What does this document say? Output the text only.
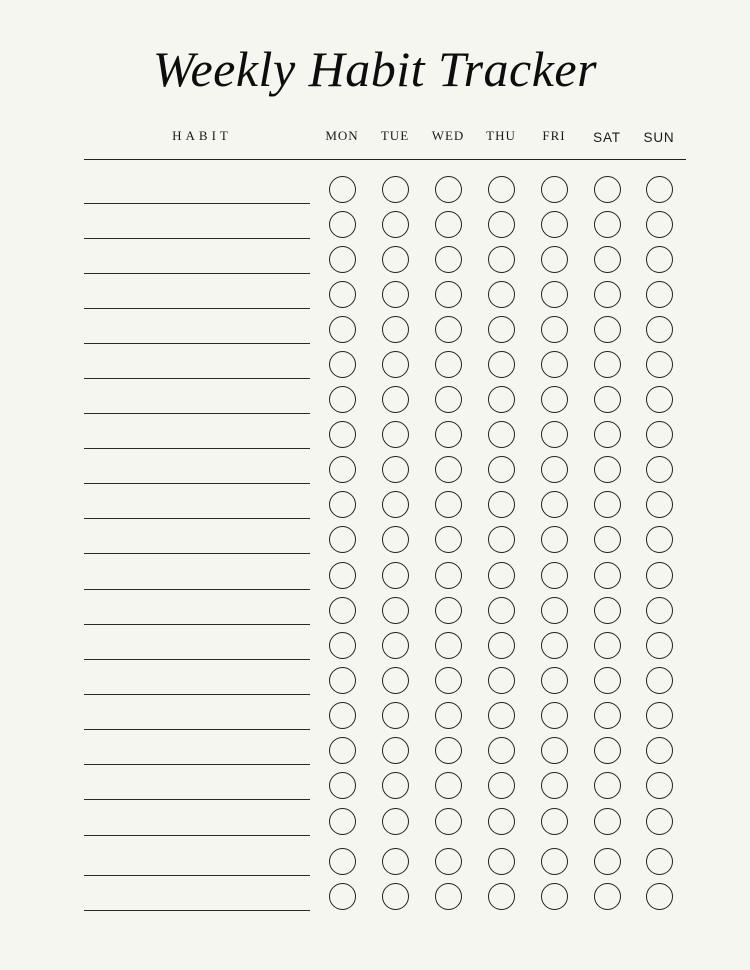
Weekly Habit Tracker
HABIT	MON	TUE	WED	THU	FRI	SAT	SUN
